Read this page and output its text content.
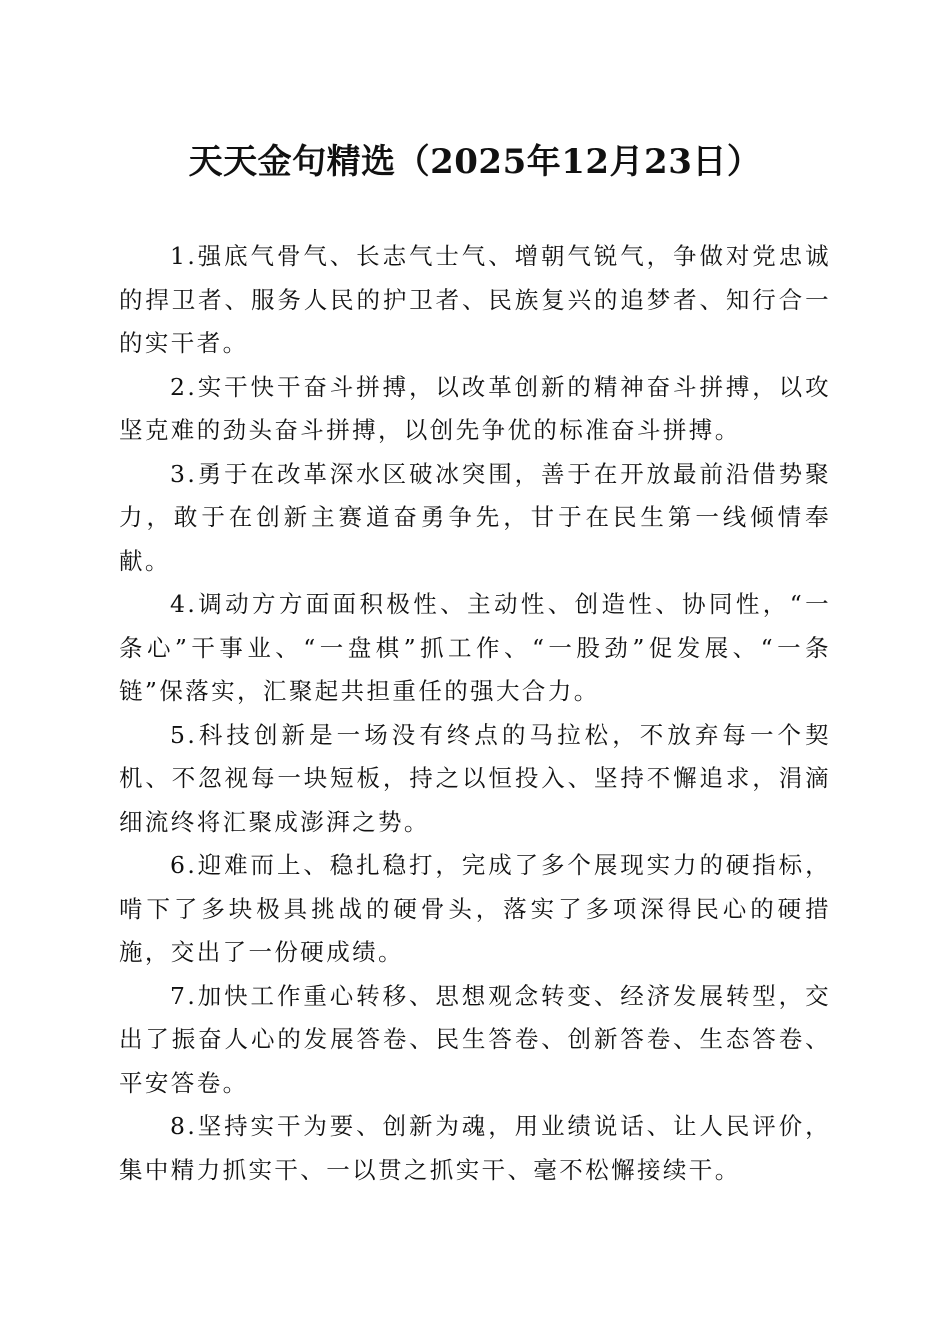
天天金句精选（2025年12月23日）

1.强底气骨气、长志气士气、增朝气锐气，争做对党忠诚的捍卫者、服务人民的护卫者、民族复兴的追梦者、知行合一的实干者。

2.实干快干奋斗拼搏，以改革创新的精神奋斗拼搏，以攻坚克难的劲头奋斗拼搏，以创先争优的标准奋斗拼搏。

3.勇于在改革深水区破冰突围，善于在开放最前沿借势聚力，敢于在创新主赛道奋勇争先，甘于在民生第一线倾情奉献。

4.调动方方面面积极性、主动性、创造性、协同性，“一条心”干事业、“一盘棋”抓工作、“一股劲”促发展、“一条链”保落实，汇聚起共担重任的强大合力。

5.科技创新是一场没有终点的马拉松，不放弃每一个契机、不忽视每一块短板，持之以恒投入、坚持不懈追求，涓滴细流终将汇聚成澎湃之势。

6.迎难而上、稳扎稳打，完成了多个展现实力的硬指标，啃下了多块极具挑战的硬骨头，落实了多项深得民心的硬措施，交出了一份硬成绩。

7.加快工作重心转移、思想观念转变、经济发展转型，交出了振奋人心的发展答卷、民生答卷、创新答卷、生态答卷、平安答卷。

8.坚持实干为要、创新为魂，用业绩说话、让人民评价，集中精力抓实干、一以贯之抓实干、毫不松懈接续干。
